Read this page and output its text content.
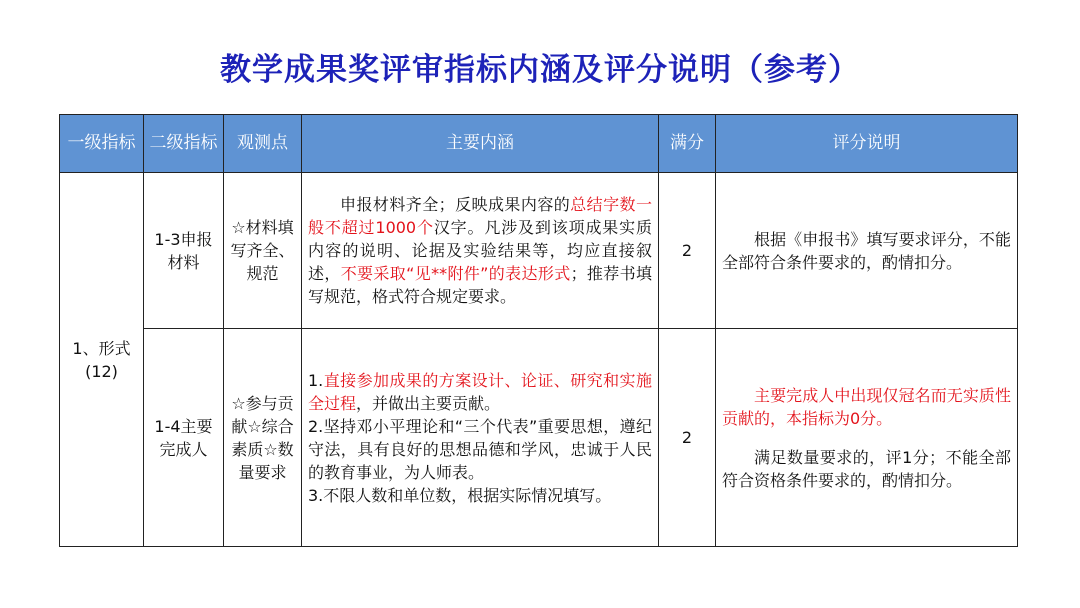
教学成果奖评审指标内涵及评分说明（参考）
一级指标	二级指标	观测点	主要内涵	满分	评分说明
1、形式(12)	1-3申报材料	☆材料填写齐全、规范	申报材料齐全；反映成果内容的总结字数一般不超过1000个汉字。凡涉及到该项成果实质内容的说明、论据及实验结果等，均应直接叙述，不要采取“见**附件”的表达形式；推荐书填写规范，格式符合规定要求。	2	根据《申报书》填写要求评分，不能全部符合条件要求的，酌情扣分。

	1-4主要完成人	☆参与贡献☆综合素质☆数量要求	1.直接参加成果的方案设计、论证、研究和实施全过程，并做出主要贡献。
2.坚持邓小平理论和“三个代表”重要思想，遵纪守法，具有良好的思想品德和学风，忠诚于人民的教育事业，为人师表。
3.不限人数和单位数，根据实际情况填写。	2	主要完成人中出现仅冠名而无实质性贡献的，本指标为0分。
满足数量要求的，评1分；不能全部符合资格条件要求的，酌情扣分。
